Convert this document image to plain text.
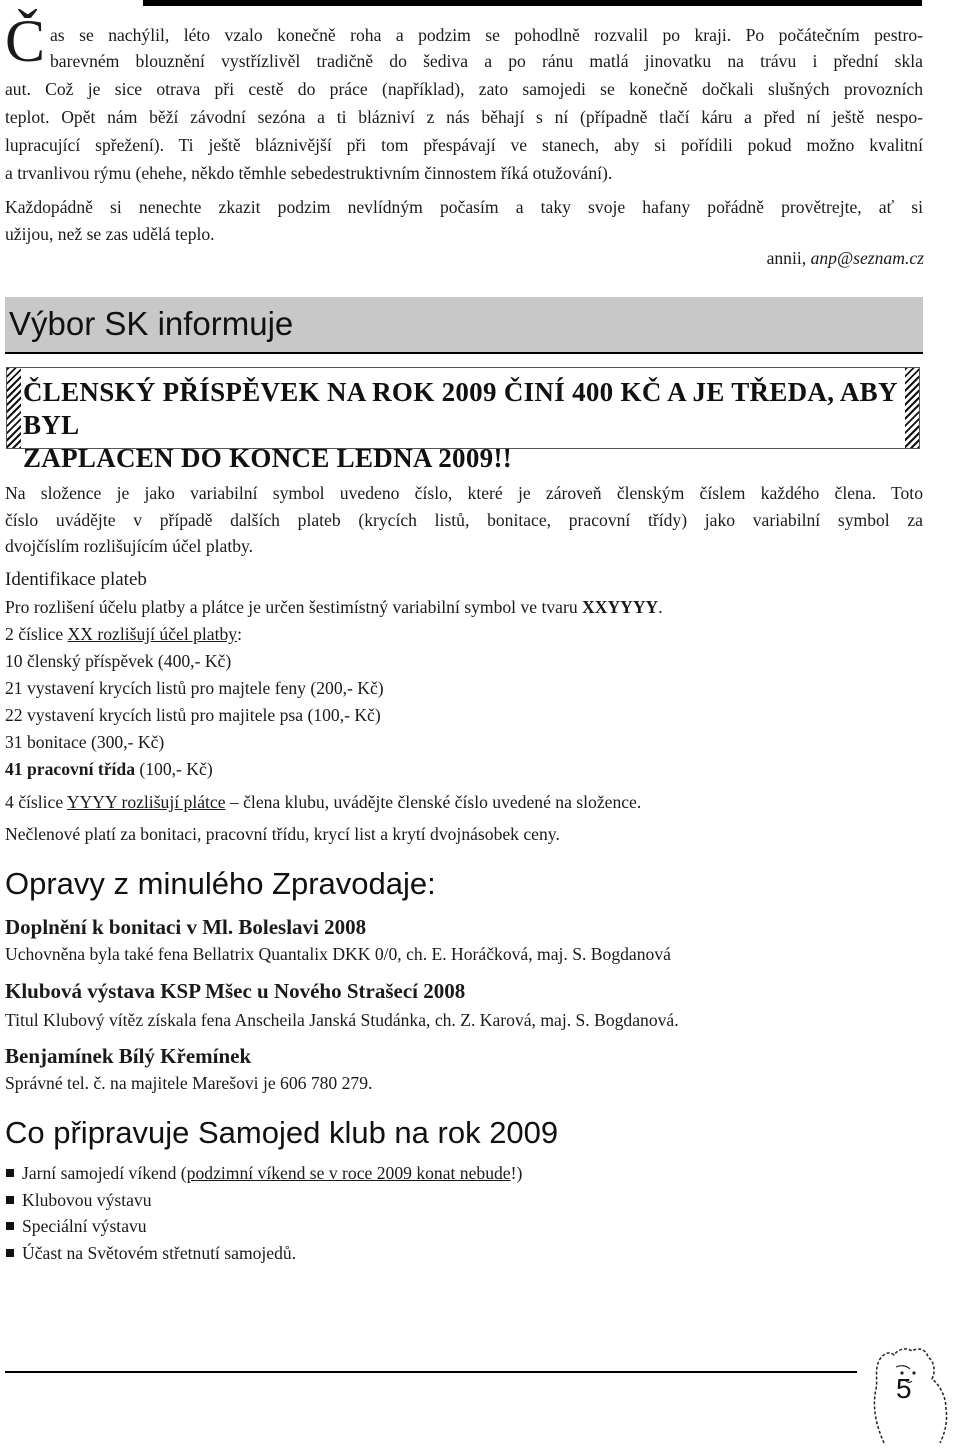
Č as se nachýlil, léto vzalo konečně roha a podzim se pohodlně rozvalil po kraji. Po počátečním pestro-

barevném blouznění vystřízlivěl tradičně do šediva a po ránu matlá jinovatku na trávu i přední skla

aut. Což je sice otrava při cestě do práce (například), zato samojedi se konečně dočkali slušných provozních

teplot. Opět nám běží závodní sezóna a ti blázniví z nás běhají s ní (případně tlačí káru a před ní ještě nespo-

lupracující spřežení). Ti ještě bláznivější při tom přespávají ve stanech, aby si pořídili pokud možno kvalitní

a trvanlivou rýmu (ehehe, někdo těmhle sebedestruktivním činnostem říká otužování).

Každopádně si nenechte zkazit podzim nevlídným počasím a taky svoje hafany pořádně provětrejte, ať si

užijou, než se zas udělá teplo.

annii, anp@seznam.cz
Výbor SK informuje
ČLENSKÝ PŘÍSPĚVEK NA ROK 2009 ČINÍ 400 KČ A JE TŘEDA, ABY BYL
ZAPLACEN DO KONCE LEDNA 2009!!

Na složence je jako variabilní symbol uvedeno číslo, které je zároveň členským číslem každého člena. Toto

číslo uvádějte v případě dalších plateb (krycích listů, bonitace, pracovní třídy) jako variabilní symbol za

dvojčíslím rozlišujícím účel platby.

Identifikace plateb
Pro rozlišení účelu platby a plátce je určen šestimístný variabilní symbol ve tvaru XXYYYY.
2 číslice XX rozlišují účel platby:
10 členský příspěvek (400,- Kč)
21 vystavení krycích listů pro majtele feny (200,- Kč)
22 vystavení krycích listů pro majitele psa (100,- Kč)
31 bonitace (300,- Kč)
41 pracovní třída (100,- Kč)
4 číslice YYYY rozlišují plátce – člena klubu, uvádějte členské číslo uvedené na složence.
Nečlenové platí za bonitaci, pracovní třídu, krycí list a krytí dvojnásobek ceny.
Opravy z minulého Zpravodaje:
Doplnění k bonitaci v Ml. Boleslavi 2008
Uchovněna byla také fena Bellatrix Quantalix DKK 0/0, ch. E. Horáčková, maj. S. Bogdanová
Klubová výstava KSP Mšec u Nového Strašecí 2008
Titul Klubový vítěz získala fena Anscheila Janská Studánka, ch. Z. Karová, maj. S. Bogdanová.
Benjamínek Bílý Křemínek
Správné tel. č. na majitele Marešovi je 606 780 279.
Co připravuje Samojed klub na rok 2009
Jarní samojedí víkend (podzimní víkend se v roce 2009 konat nebude!)
Klubovou výstavu
Speciální výstavu
Účast na Světovém střetnutí samojedů.
5
